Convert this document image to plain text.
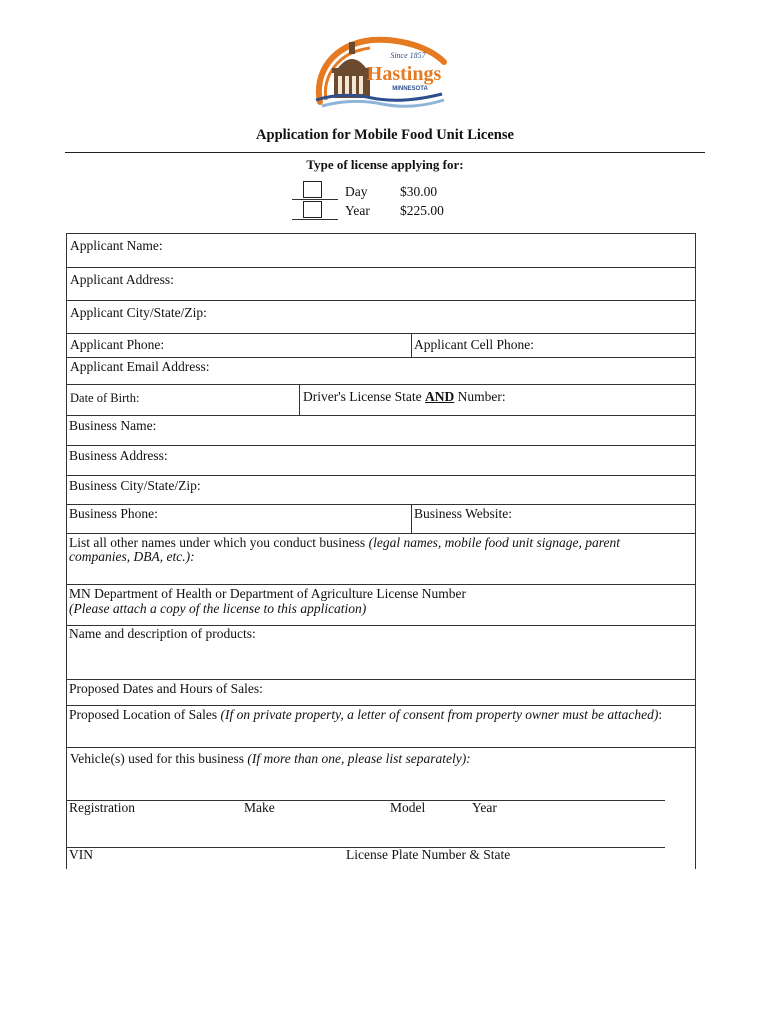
Since 1857
Hastings
MINNESOTA
Application for Mobile Food Unit License
Type of license applying for:
Day $30.00
Year $225.00
Applicant Name:
Applicant Address:
Applicant City/State/Zip:
Applicant Phone:	Applicant Cell Phone:
Applicant Email Address:
Date of Birth:	Driver's License State AND Number:
Business Name:
Business Address:
Business City/State/Zip:
Business Phone:	Business Website:
List all other names under which you conduct business (legal names, mobile food unit signage, parent
companies, DBA, etc.):
MN Department of Health or Department of Agriculture License Number
(Please attach a copy of the license to this application)
Name and description of products:
Proposed Dates and Hours of Sales:
Proposed Location of Sales (If on private property, a letter of consent from property owner must be attached):
Vehicle(s) used for this business (If more than one, please list separately):
Registration	Make	Model	Year
VIN	License Plate Number & State
